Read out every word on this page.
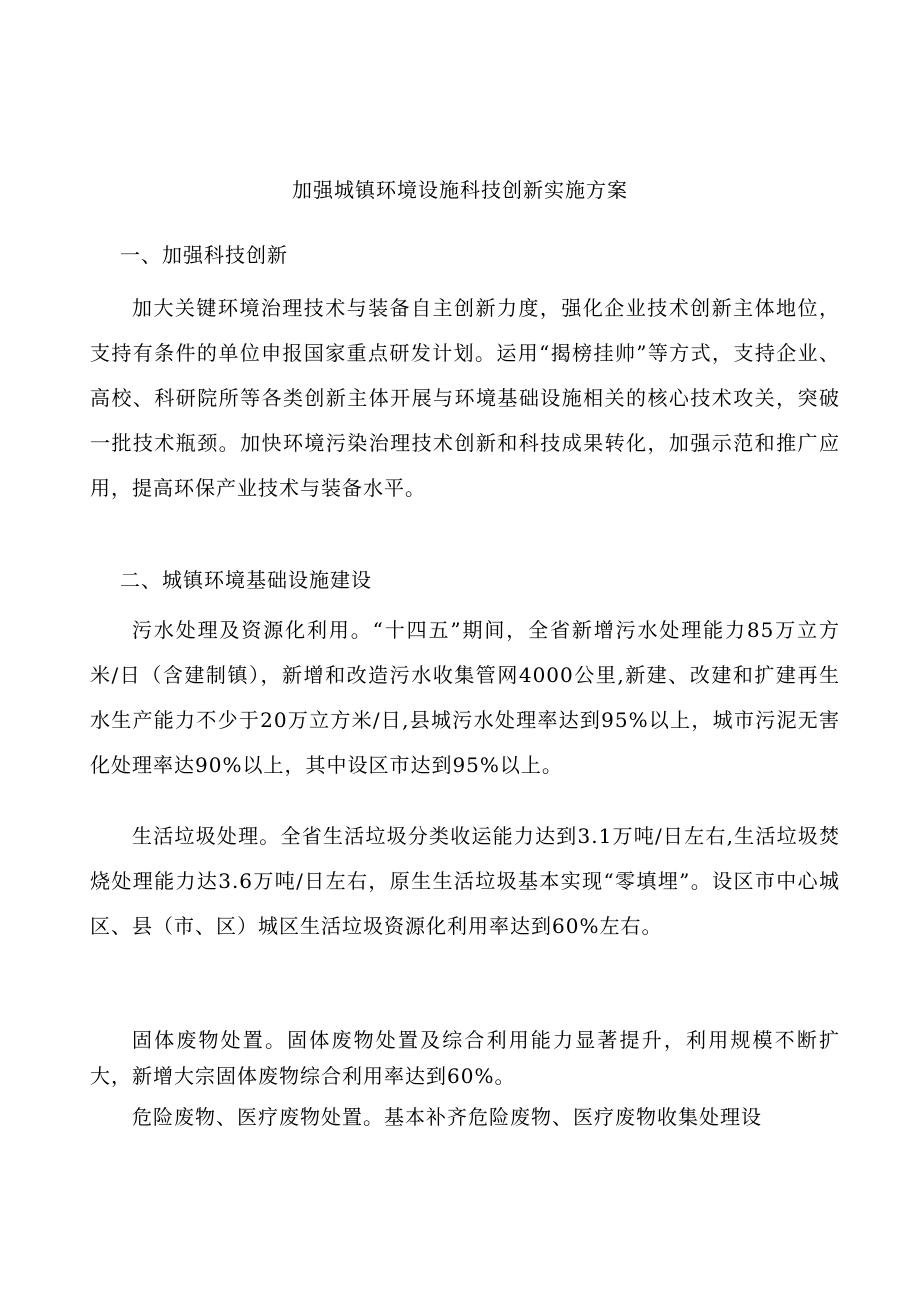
加强城镇环境设施科技创新实施方案
一、加强科技创新
加大关键环境治理技术与装备自主创新力度，强化企业技术创新主体地位，支持有条件的单位申报国家重点研发计划。运用“揭榜挂帅”等方式，支持企业、高校、科研院所等各类创新主体开展与环境基础设施相关的核心技术攻关，突破一批技术瓶颈。加快环境污染治理技术创新和科技成果转化，加强示范和推广应用，提高环保产业技术与装备水平。
二、城镇环境基础设施建设
污水处理及资源化利用。“十四五”期间，全省新增污水处理能力85万立方米/日（含建制镇），新增和改造污水收集管网4000公里,新建、改建和扩建再生水生产能力不少于20万立方米/日,县城污水处理率达到95%以上，城市污泥无害化处理率达90%以上，其中设区市达到95%以上。
生活垃圾处理。全省生活垃圾分类收运能力达到3.1万吨/日左右,生活垃圾焚烧处理能力达3.6万吨/日左右，原生生活垃圾基本实现“零填埋”。设区市中心城区、县（市、区）城区生活垃圾资源化利用率达到60%左右。
固体废物处置。固体废物处置及综合利用能力显著提升，利用规模不断扩大，新增大宗固体废物综合利用率达到60%。
危险废物、医疗废物处置。基本补齐危险废物、医疗废物收集处理设
